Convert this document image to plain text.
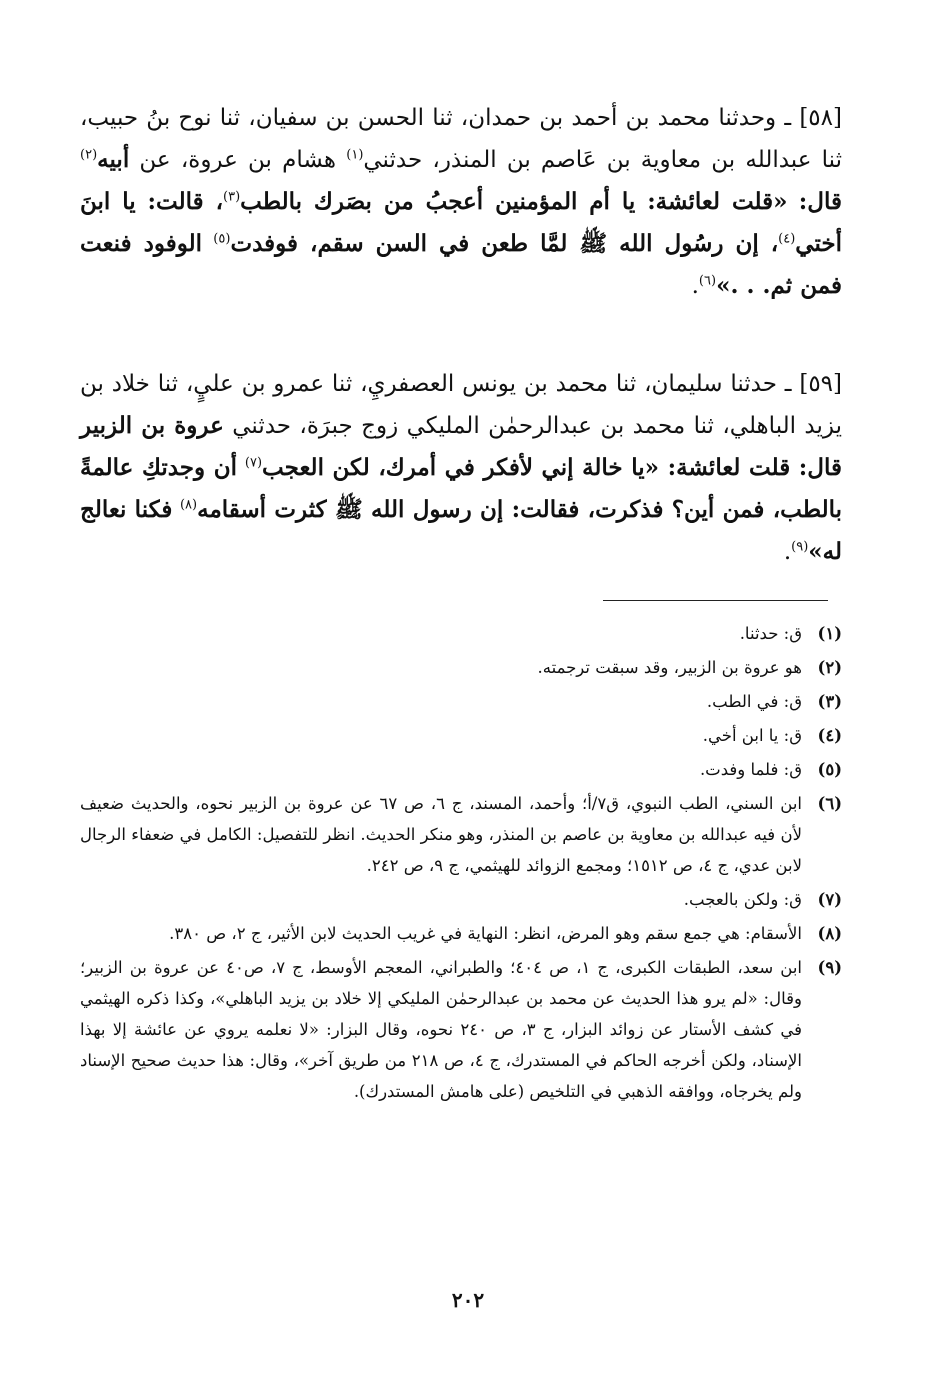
[٥٨] ـ وحدثنا محمد بن أحمد بن حمدان، ثنا الحسن بن سفيان، ثنا نوح بنُ حبيب، ثنا عبدالله بن معاوية بن عَاصم بن المنذر، حدثني$^{(١)}$ هشام بن عروة، عن أبيه$^{(٢)}$ قال: «قلت لعائشة: يا أم المؤمنين أعجبُ من بصَرك بالطب$^{(٣)}$، قالت: يا ابنَ أختي$^{(٤)}$، إن رسُول الله ﷺ لمَّا طعن في السن سقم، فوفدت$^{(٥)}$ الوفود فنعت فمن ثم. . .»$^{(٦)}$.

[٥٩] ـ حدثنا سليمان، ثنا محمد بن يونس العصفريِ، ثنا عمرو بن عليٍ، ثنا خلاد بن يزيد الباهلي، ثنا محمد بن عبدالرحمٰن المليكي زوج جبرَة، حدثني عروة بن الزبير قال: قلت لعائشة: «يا خالة إني لأفكر في أمرك، لكن العجب$^{(٧)}$ أن وجدتكِ عالمةً بالطب، فمن أين؟ فذكرت، فقالت: إن رسول الله ﷺ كثرت أسقامه$^{(٨)}$ فكنا نعالج له»$^{(٩)}$.

(١)
ق: حدثنا.
(٢)
هو عروة بن الزبير، وقد سبقت ترجمته.
(٣)
ق: في الطب.
(٤)
ق: يا ابن أخي.
(٥)
ق: فلما وفدت.
(٦)
ابن السني، الطب النبوي، ق٧/أ؛ وأحمد، المسند، ج ٦، ص ٦٧ عن عروة بن الزبير نحوه، والحديث ضعيف لأن فيه عبدالله بن معاوية بن عاصم بن المنذر، وهو منكر الحديث. انظر للتفصيل: الكامل في ضعفاء الرجال لابن عدي، ج ٤، ص ١٥١٢؛ ومجمع الزوائد للهيثمي، ج ٩، ص ٢٤٢.
(٧)
ق: ولكن بالعجب.
(٨)
الأسقام: هي جمع سقم وهو المرض، انظر: النهاية في غريب الحديث لابن الأثير، ج ٢، ص ٣٨٠.
(٩)
ابن سعد، الطبقات الكبرى، ج ١، ص ٤٠٤؛ والطبراني، المعجم الأوسط، ج ٧، ص٤٠ عن عروة بن الزبير؛ وقال: «لم يرو هذا الحديث عن محمد بن عبدالرحمٰن المليكي إلا خلاد بن يزيد الباهلي»، وكذا ذكره الهيثمي في كشف الأستار عن زوائد البزار، ج ٣، ص ٢٤٠ نحوه، وقال البزار: «لا نعلمه يروي عن عائشة إلا بهذا الإسناد، ولكن أخرجه الحاكم في المستدرك، ج ٤، ص ٢١٨ من طريق آخر»، وقال: هذا حديث صحيح الإسناد ولم يخرجاه، ووافقه الذهبي في التلخيص (على هامش المستدرك).
٢٠٢
